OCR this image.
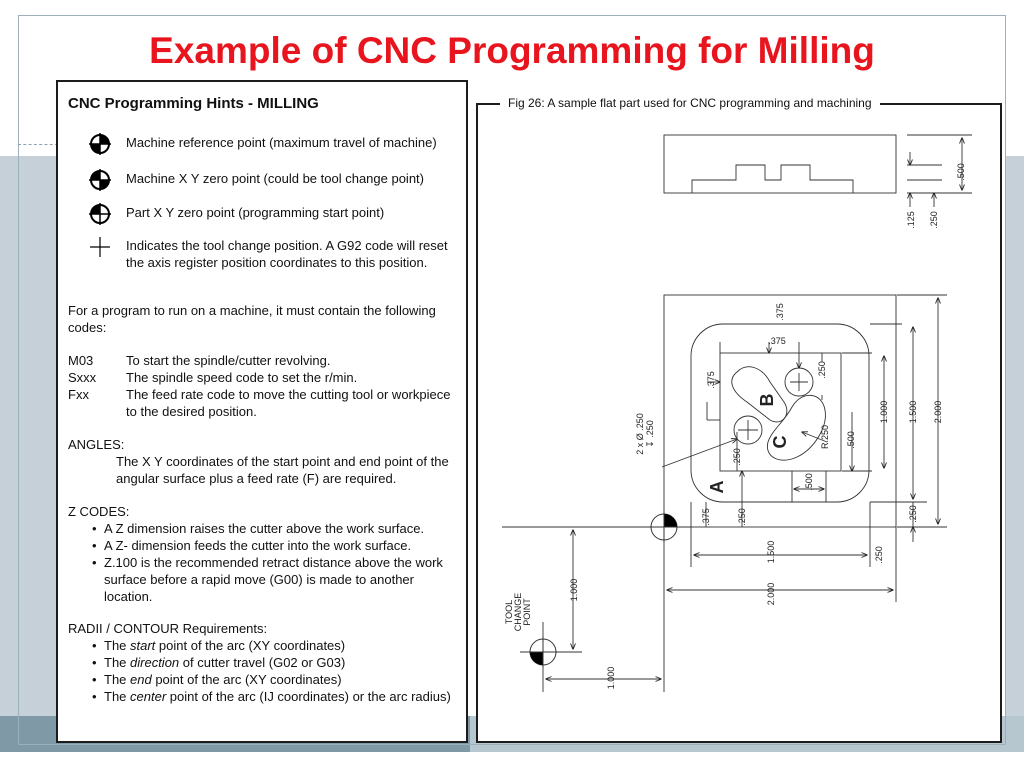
Example of CNC Programming for Milling
CNC Programming Hints - MILLING
Machine reference point (maximum travel of machine)
Machine X Y zero point (could be tool change point)
Part X Y zero point (programming start point)
Indicates the tool change position. A G92 code will reset the axis register position coordinates to this position.
For a program to run on a machine, it must contain the following codes:
M03	To start the spindle/cutter revolving.
Sxxx The spindle speed code to set the r/min.
Fxx	The feed rate code to move the cutting tool or workpiece to the desired position.
ANGLES:
The X Y coordinates of the start point and end point of the angular surface plus a feed rate (F) are required.
Z CODES:
• A Z dimension raises the cutter above the work surface.
• A Z- dimension feeds the cutter into the work surface.
• Z.100 is the recommended retract distance above the work surface before a rapid move (G00) is made to another location.
RADII / CONTOUR Requirements:
• The start point of the arc (XY coordinates)
• The direction of cutter travel (G02 or G03)
• The end point of the arc (XY coordinates)
• The center point of the arc (IJ coordinates) or the arc radius)
.500
.125 .250
.375
.375
.375
.250
.500
1.000 1.500 2.000
.250
.375	.250
.500
.250
1.500
2.000
.250
1.000
1.000
R.250
2 x Ø .250 ↧ .250
A
B
C
TOOL CHANGE POINT
Fig 26: A sample flat part used for CNC programming and machining
